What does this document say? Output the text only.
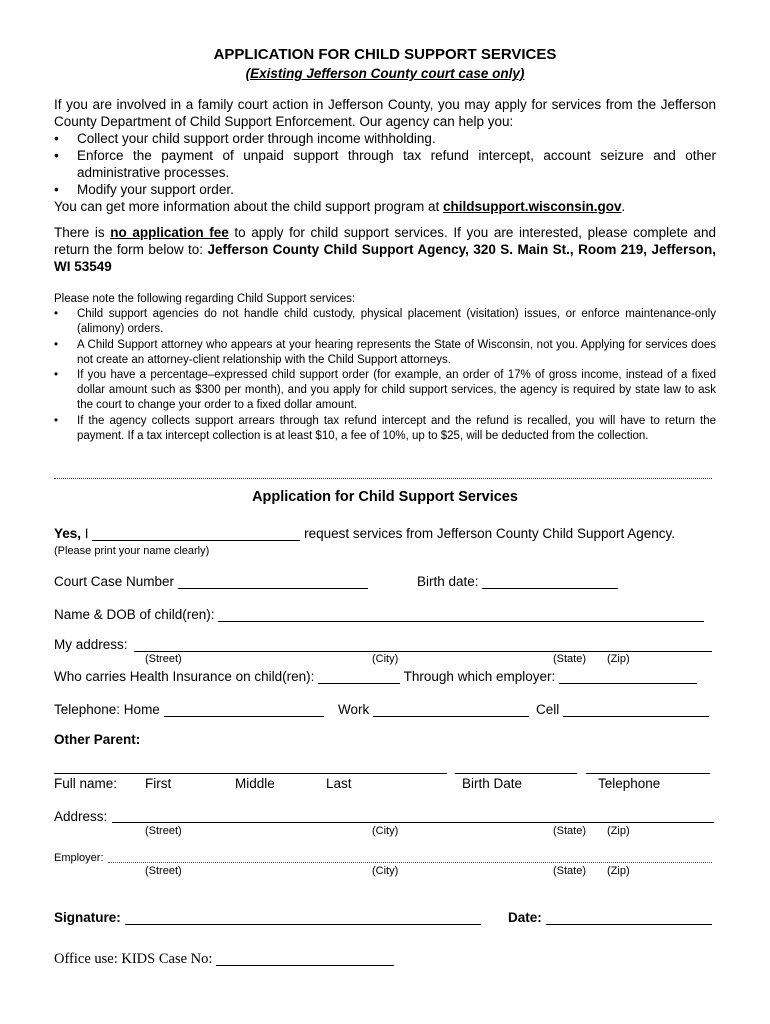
APPLICATION FOR CHILD SUPPORT SERVICES
(Existing Jefferson County court case only)

If you are involved in a family court action in Jefferson County, you may apply for services from the Jefferson County Department of Child Support Enforcement. Our agency can help you:

• Collect your child support order through income withholding.
• Enforce the payment of unpaid support through tax refund intercept, account seizure and other administrative processes.
• Modify your support order.

You can get more information about the child support program at childsupport.wisconsin.gov.

There is no application fee to apply for child support services. If you are interested, please complete and return the form below to: Jefferson County Child Support Agency, 320 S. Main St., Room 219, Jefferson, WI 53549

Please note the following regarding Child Support services:

• Child support agencies do not handle child custody, physical placement (visitation) issues, or enforce maintenance-only (alimony) orders.
• A Child Support attorney who appears at your hearing represents the State of Wisconsin, not you. Applying for services does not create an attorney-client relationship with the Child Support attorneys.
• If you have a percentage–expressed child support order (for example, an order of 17% of gross income, instead of a fixed dollar amount such as $300 per month), and you apply for child support services, the agency is required by state law to ask the court to change your order to a fixed dollar amount.
• If the agency collects support arrears through tax refund intercept and the refund is recalled, you will have to return the payment. If a tax intercept collection is at least $10, a fee of 10%, up to $25, will be deducted from the collection.
Application for Child Support Services
Yes, I	request services from Jefferson County Child Support Agency.
(Please print your name clearly)
Court Case Number	Birth date:
Name & DOB of child(ren):
My address:
(Street)	(City)	(State) (Zip)
Who carries Health Insurance on child(ren):	Through which employer:
Telephone: Home	Work	Cell
Other Parent:
Full name: First	Middle	Last	Birth Date	Telephone
Address:
(Street)	(City)	(State) (Zip)
Employer:
(Street)	(City)	(State) (Zip)
Signature:	Date:
Office use: KIDS Case No:
